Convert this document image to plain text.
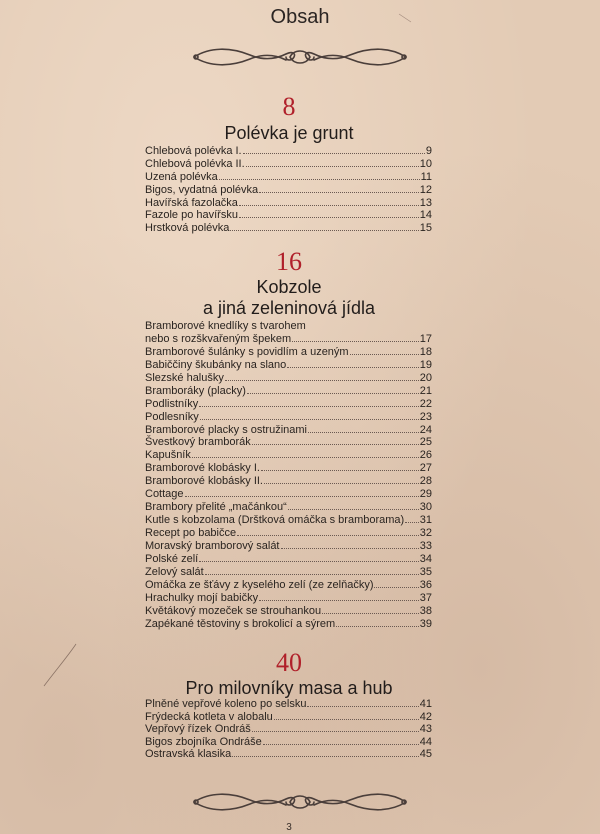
Obsah
8
Polévka je grunt
Chlebová polévka I.	9
Chlebová polévka II.	10
Uzená polévka	11
Bigos, vydatná polévka	12
Havířská fazolačka	13
Fazole po havířsku	14
Hrstková polévka	15
16
Kobzole
a jiná zeleninová jídla
Bramborové knedlíky s tvarohem
nebo s rozškvařeným špekem	17
Bramborové šulánky s povidlím a uzeným	18
Babiččiny škubánky na slano	19
Slezské halušky	20
Bramboráky (placky)	21
Podlistníky	22
Podlesníky	23
Bramborové placky s ostružinami	24
Švestkový bramborák	25
Kapušník	26
Bramborové klobásky I.	27
Bramborové klobásky II.	28
Cottage	29
Brambory přelité „mačánkou“	30
Kutle s kobzolama (Drštková omáčka s bramborama) 31
Recept po babičce	32
Moravský bramborový salát	33
Polské zelí	34
Zelový salát	35
Omáčka ze šťávy z kyselého zelí (ze zelňačky)	36
Hrachulky mojí babičky	37
Květákový mozeček se strouhankou	38
Zapékané těstoviny s brokolicí a sýrem	39
40
Pro milovníky masa a hub
Plněné vepřové koleno po selsku	41
Frýdecká kotleta v alobalu	42
Vepřový řízek Ondráš	43
Bigos zbojníka Ondráše	44
Ostravská klasika	45
3
